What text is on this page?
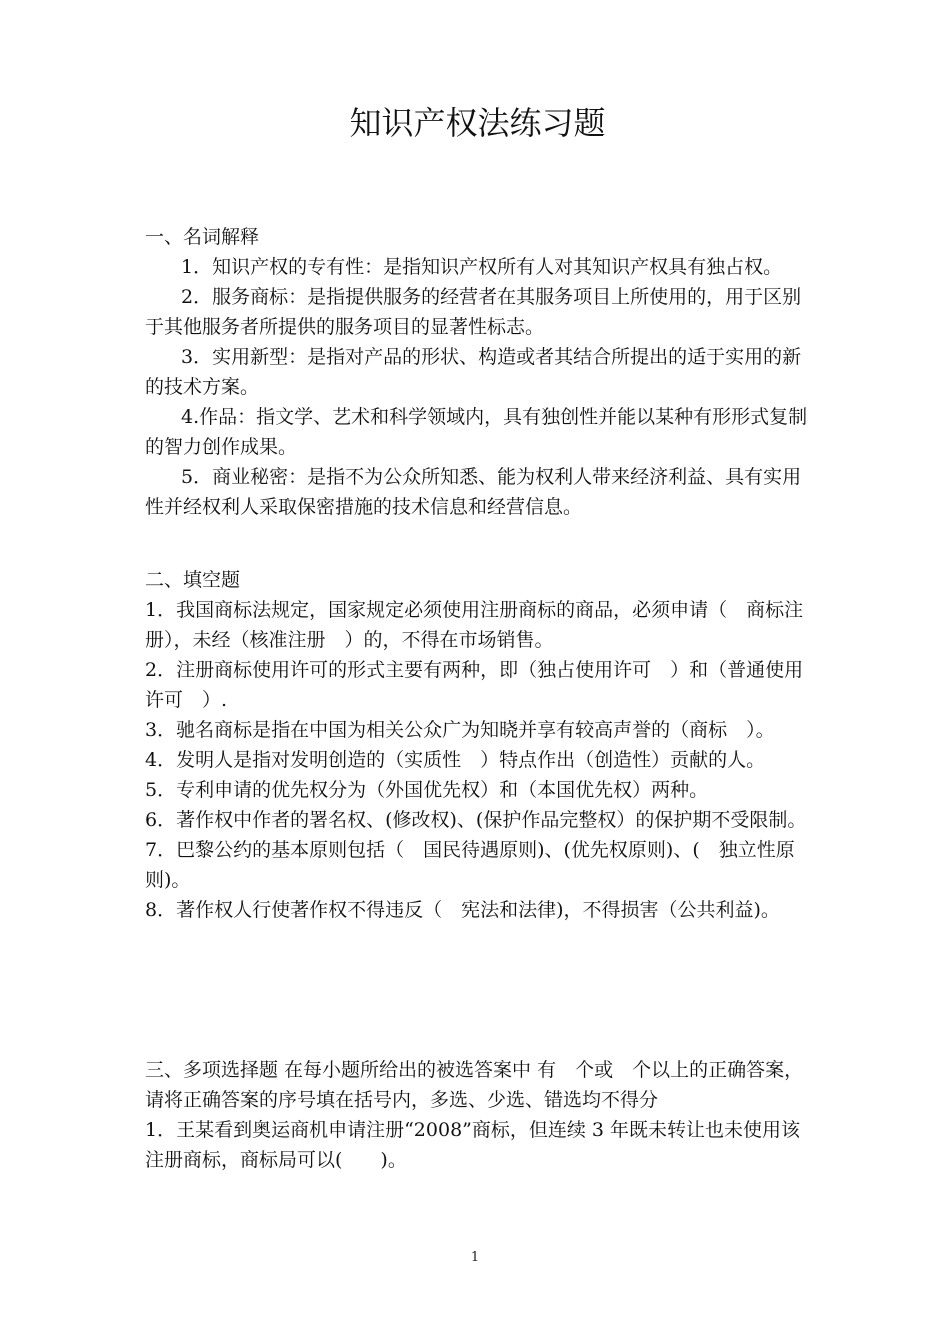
知识产权法练习题

一、名词解释

1．知识产权的专有性：是指知识产权所有人对其知识产权具有独占权。

2．服务商标：是指提供服务的经营者在其服务项目上所使用的，用于区别于其他服务者所提供的服务项目的显著性标志。

3．实用新型：是指对产品的形状、构造或者其结合所提出的适于实用的新的技术方案。

4.作品：指文学、艺术和科学领域内，具有独创性并能以某种有形形式复制的智力创作成果。

5．商业秘密：是指不为公众所知悉、能为权利人带来经济利益、具有实用性并经权利人采取保密措施的技术信息和经营信息。

二、填空题

1．我国商标法规定，国家规定必须使用注册商标的商品，必须申请（　商标注册），未经（核准注册　）的，不得在市场销售。

2．注册商标使用许可的形式主要有两种，即（独占使用许可　）和（普通使用许可　）.

3．驰名商标是指在中国为相关公众广为知晓并享有较高声誉的（商标　）。

4．发明人是指对发明创造的（实质性　）特点作出（创造性）贡献的人。

5．专利申请的优先权分为（外国优先权）和（本国优先权）两种。

6．著作权中作者的署名权、(修改权)、(保护作品完整权）的保护期不受限制。

7．巴黎公约的基本原则包括（　国民待遇原则)、(优先权原则)、(　独立性原则)。

8．著作权人行使著作权不得违反（　宪法和法律)，不得损害（公共利益)。

三、多项选择题 在每小题所给出的被选答案中 有　个或　个以上的正确答案，请将正确答案的序号填在括号内，多选、少选、错选均不得分

1．王某看到奥运商机申请注册“2008”商标，但连续 3 年既未转让也未使用该注册商标，商标局可以(　　)。

1
